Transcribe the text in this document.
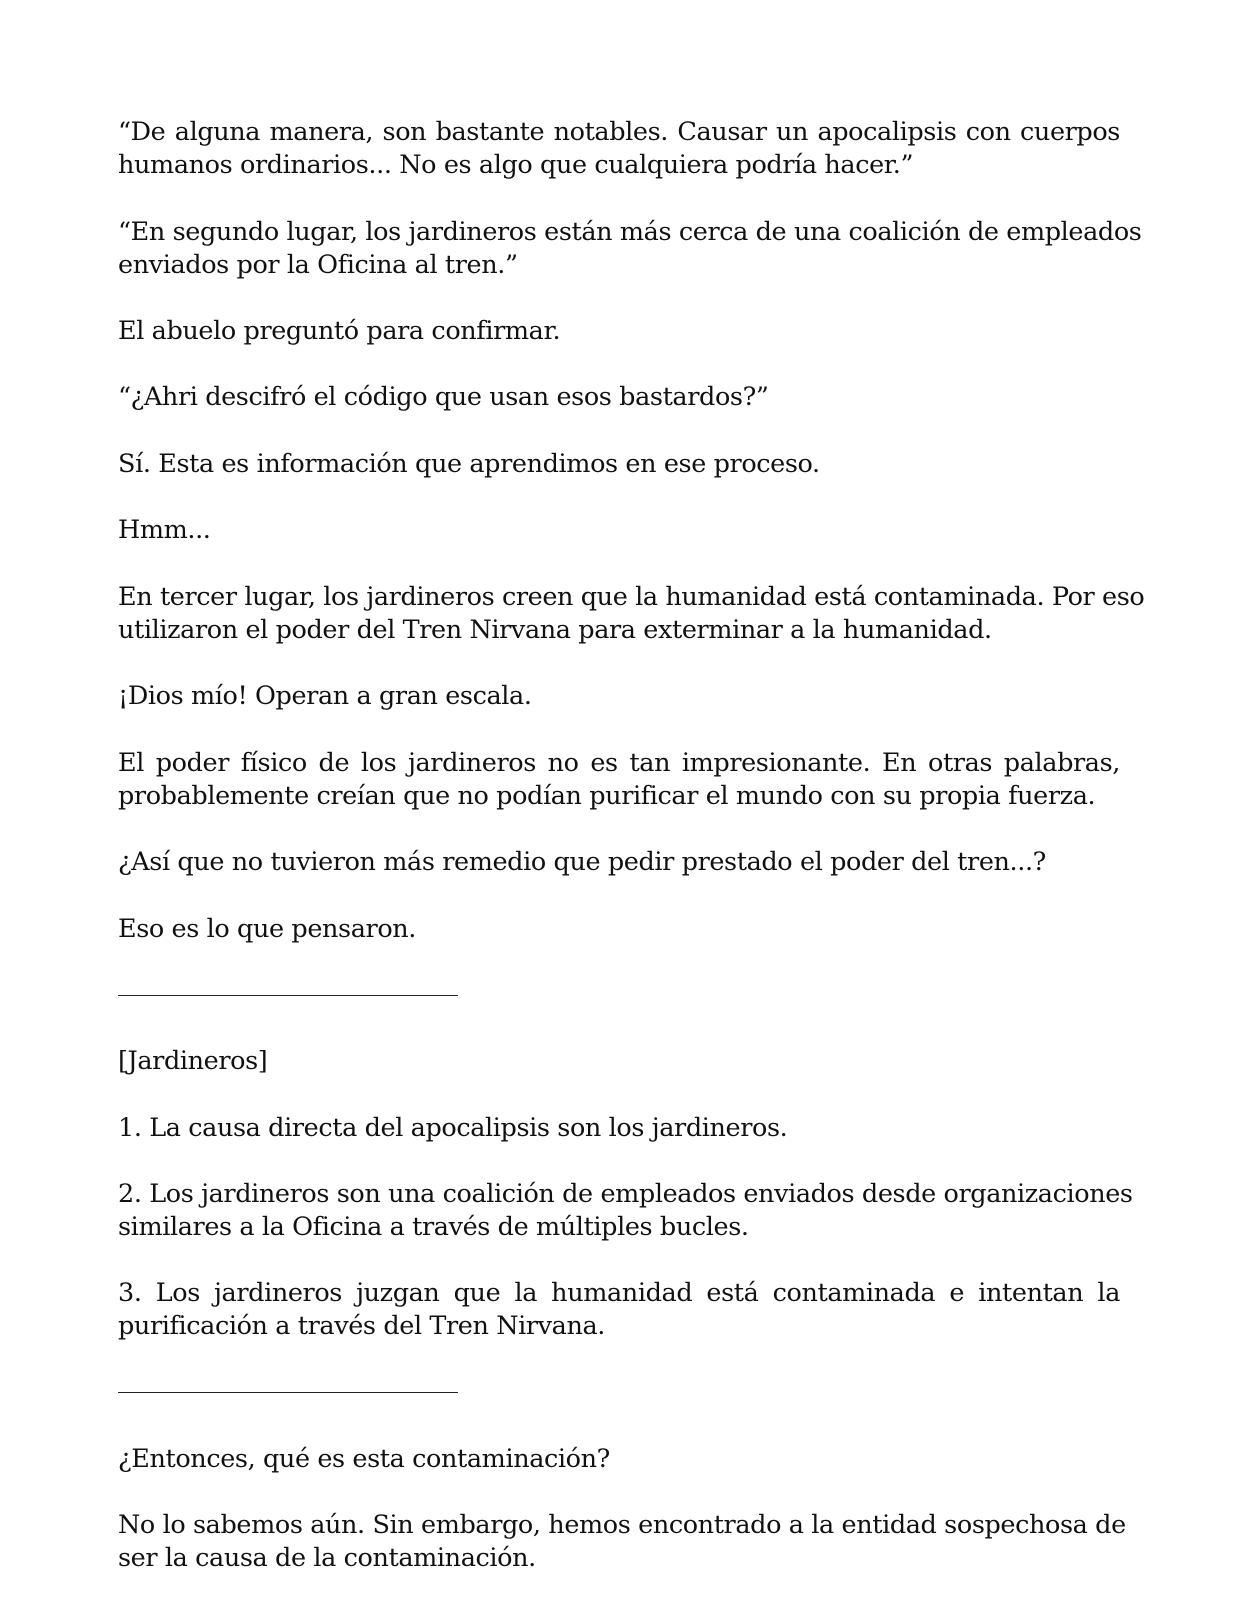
“De alguna manera, son bastante notables. Causar un apocalipsis con cuerpos
humanos ordinarios... No es algo que cualquiera podría hacer.”
“En segundo lugar, los jardineros están más cerca de una coalición de empleados
enviados por la Oficina al tren.”
El abuelo preguntó para confirmar.
“¿Ahri descifró el código que usan esos bastardos?”
Sí. Esta es información que aprendimos en ese proceso.
Hmm...
En tercer lugar, los jardineros creen que la humanidad está contaminada. Por eso
utilizaron el poder del Tren Nirvana para exterminar a la humanidad.
¡Dios mío! Operan a gran escala.
El poder físico de los jardineros no es tan impresionante. En otras palabras,
probablemente creían que no podían purificar el mundo con su propia fuerza.
¿Así que no tuvieron más remedio que pedir prestado el poder del tren...?
Eso es lo que pensaron.
[Jardineros]
1. La causa directa del apocalipsis son los jardineros.
2. Los jardineros son una coalición de empleados enviados desde organizaciones
similares a la Oficina a través de múltiples bucles.
3. Los jardineros juzgan que la humanidad está contaminada e intentan la
purificación a través del Tren Nirvana.
¿Entonces, qué es esta contaminación?
No lo sabemos aún. Sin embargo, hemos encontrado a la entidad sospechosa de
ser la causa de la contaminación.
